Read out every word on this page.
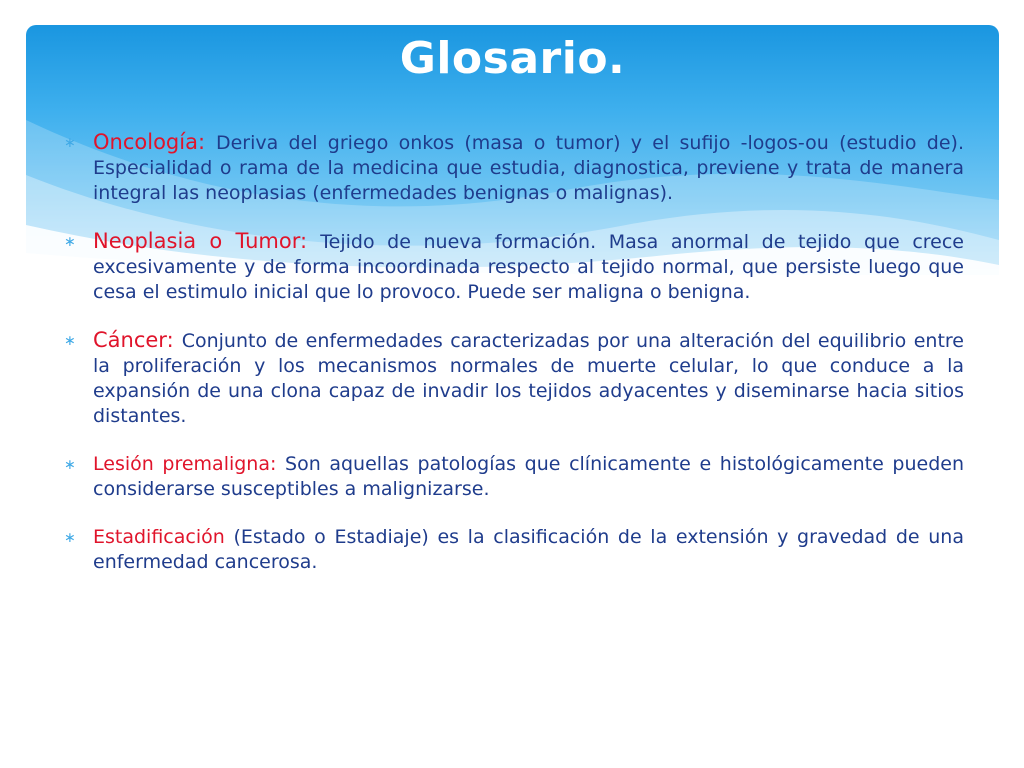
Glosario.
∗ Oncología: Deriva del griego onkos (masa o tumor) y el sufijo -logos-ou (estudio de). Especialidad o rama de la medicina que estudia, diagnostica, previene y trata de manera integral las neoplasias (enfermedades benignas o malignas).
∗ Neoplasia o Tumor: Tejido de nueva formación. Masa anormal de tejido que crece excesivamente y de forma incoordinada respecto al tejido normal, que persiste luego que cesa el estimulo inicial que lo provoco. Puede ser maligna o benigna.
∗ Cáncer: Conjunto de enfermedades caracterizadas por una alteración del equilibrio entre la proliferación y los mecanismos normales de muerte celular, lo que conduce a la expansión de una clona capaz de invadir los tejidos adyacentes y diseminarse hacia sitios distantes.
∗ Lesión premaligna: Son aquellas patologías que clínicamente e histológicamente pueden considerarse susceptibles a malignizarse.
∗ Estadificación (Estado o Estadiaje) es la clasificación de la extensión y gravedad de una enfermedad cancerosa.
